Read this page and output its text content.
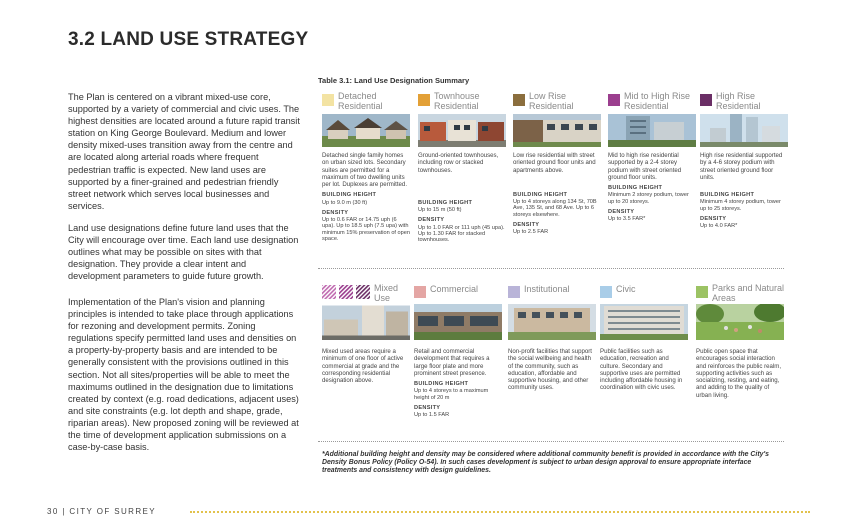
3.2 LAND USE STRATEGY

The Plan is centered on a vibrant mixed-use core, supported by a variety of commercial and civic uses. The highest densities are located around a future rapid transit station on King George Boulevard. Medium and lower density mixed-uses transition away from the centre and are located along arterial roads where frequent pedestrian traffic is expected. New land uses are supported by a finer-grained and pedestrian friendly street network which serves local businesses and services.

Land use designations define future land uses that the City will encourage over time. Each land use designation outlines what may be possible on sites with that designation. They provide a clear intent and development parameters to guide future growth.

Implementation of the Plan's vision and planning principles is intended to take place through applications for rezoning and development permits. Zoning regulations specify permitted land uses and densities on a property-by-property basis and are intended to be generally consistent with the provisions outlined in this section. Not all sites/properties will be able to meet the maximums outlined in the designation due to limitations created by context (e.g. road dedications, adjacent uses) and site constraints (e.g. lot depth and shape, grade, riparian areas). New proposed zoning will be reviewed at the time of development application submissions on a case-by-case basis.

Table 3.1: Land Use Designation Summary
Detached Residential
Detached single family homes on urban sized lots. Secondary suites are permitted for a maximum of two dwelling units per lot. Duplexes are permitted.
BUILDING HEIGHT
Up to 9.0 m (30 ft)
DENSITY
Up to 0.6 FAR or 14.75 uph (6 upa). Up to 18.5 uph (7.5 upa) with minimum 15% preservation of open space.
Townhouse Residential
Ground-oriented townhouses, including row or stacked townhouses.
BUILDING HEIGHT
Up to 15 m (50 ft)
DENSITY
Up to 1.0 FAR or 111 uph (45 upa). Up to 1.30 FAR for stacked townhouses.
Low Rise Residential
Low rise residential with street oriented ground floor units and apartments above.
BUILDING HEIGHT
Up to 4 storeys along 134 St, 70B Ave, 135 St, and 68 Ave. Up to 6 storeys elsewhere.
DENSITY
Up to 2.5 FAR
Mid to High Rise Residential
Mid to high rise residential supported by a 2-4 storey podium with street oriented ground floor units.
BUILDING HEIGHT
Minimum 2 storey podium, tower up to 20 storeys.
DENSITY
Up to 3.5 FAR*
High Rise Residential
High rise residential supported by a 4-6 storey podium with street oriented ground floor units.
BUILDING HEIGHT
Minimum 4 storey podium, tower up to 25 storeys.
DENSITY
Up to 4.0 FAR*
Mixed Use
Mixed used areas require a minimum of one floor of active commercial at grade and the corresponding residential designation above.
Commercial
Retail and commercial development that requires a large floor plate and more prominent street presence.
BUILDING HEIGHT
Up to 4 storeys to a maximum height of 20 m
DENSITY
Up to 1.5 FAR
Institutional
Non-profit facilities that support the social wellbeing and health of the community, such as education, affordable and supportive housing, and other community uses.
Civic
Public facilities such as education, recreation and culture. Secondary and supportive uses are permitted including affordable housing in coordination with civic uses.
Parks and Natural Areas
Public open space that encourages social interaction and reinforces the public realm, supporting activities such as socializing, resting, and eating, and adding to the quality of urban living.
*Additional building height and density may be considered where additional community benefit is provided in accordance with the City's Density Bonus Policy (Policy O-54). In such cases development is subject to urban design approval to ensure appropriate interface treatments and consistency with design guidelines.
30 | CITY OF SURREY
